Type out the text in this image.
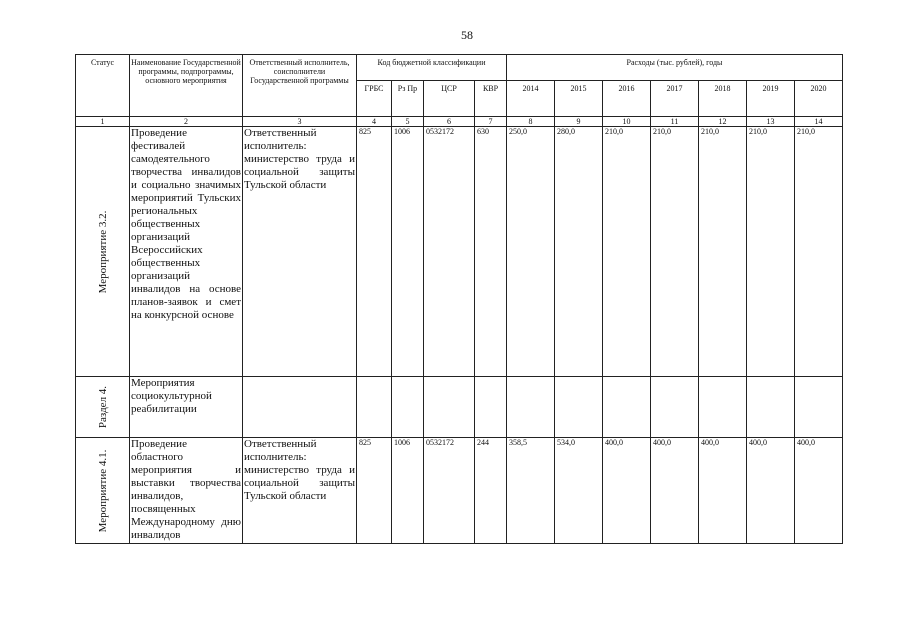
58
Статус	Наименование Государственной программы, подпрограммы, основного мероприятия	Ответственный исполнитель, соисполнители Государственной программы	Код бюджетной классификации				Расходы (тыс. рублей), годы						
			ГРБС	Рз Пр	ЦСР	КВР	2014	2015	2016	2017	2018	2019	2020
1	2	3	4	5	6	7	8	9	10	11	12	13	14

Мероприятие 3.2.	Проведение фестивалей самодеятельного творчества инвалидов и социально значимых мероприятий Тульских региональных общественных организаций Всероссийских общественных организаций инвалидов на основе планов-заявок и смет на конкурсной основе	Ответственный исполнитель: министерство труда и социальной защиты Тульской области	825	1006	0532172	630	250,0	280,0	210,0	210,0	210,0	210,0	210,0

Раздел 4.	Мероприятия социокультурной реабилитации												

Мероприятие 4.1.	Проведение областного мероприятия и выставки творчества инвалидов, посвященных Международному дню инвалидов	Ответственный исполнитель: министерство труда и социальной защиты Тульской области	825	1006	0532172	244	358,5	534,0	400,0	400,0	400,0	400,0	400,0
